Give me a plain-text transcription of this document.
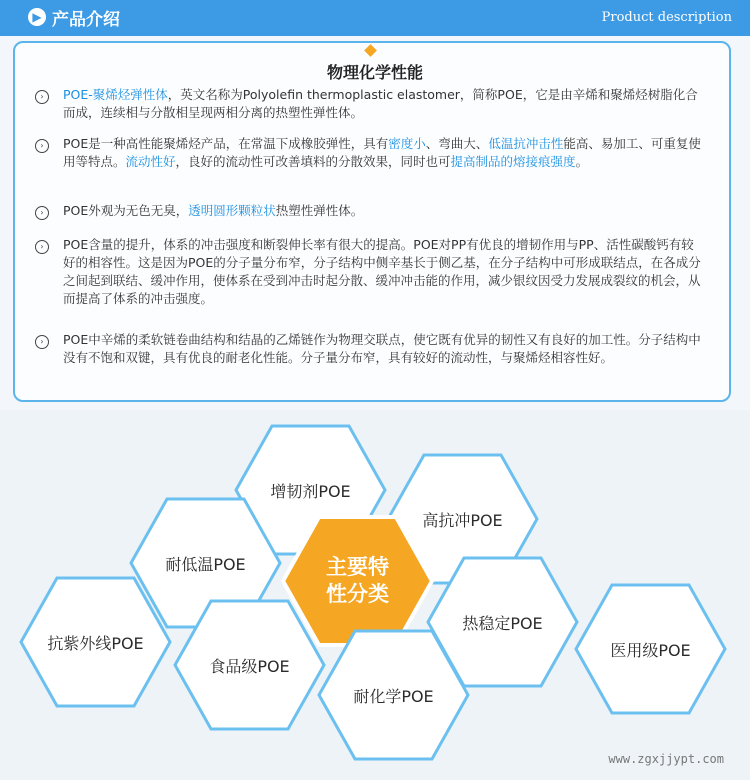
▶ 产品介绍	Product description
物理化学性能
›	POE-聚烯烃弹性体，英文名称为Polyolefin thermoplastic elastomer，简称POE，它是由辛烯和聚烯烃树脂化合而成，连续相与分散相呈现两相分离的热塑性弹性体。
›	POE是一种高性能聚烯烃产品，在常温下成橡胶弹性，具有密度小、弯曲大、低温抗冲击性能高、易加工、可重复使用等特点。流动性好，良好的流动性可改善填料的分散效果，同时也可提高制品的熔接痕强度。
›	POE外观为无色无臭，透明圆形颗粒状热塑性弹性体。
›	POE含量的提升，体系的冲击强度和断裂伸长率有很大的提高。POE对PP有优良的增韧作用与PP、活性碳酸钙有较好的相容性。这是因为POE的分子量分布窄，分子结构中侧辛基长于侧乙基，在分子结构中可形成联结点，在各成分之间起到联结、缓冲作用，使体系在受到冲击时起分散、缓冲冲击能的作用，减少银纹因受力发展成裂纹的机会，从而提高了体系的冲击强度。
›	POE中辛烯的柔软链卷曲结构和结晶的乙烯链作为物理交联点，使它既有优异的韧性又有良好的加工性。分子结构中没有不饱和双键，具有优良的耐老化性能。分子量分布窄，具有较好的流动性，与聚烯烃相容性好。
增韧剂POE
高抗冲POE
耐低温POE	主要特
性分类
热稳定POE
抗紫外线POE	医用级POE
食品级POE
耐化学POE
www.zgxjjypt.com
